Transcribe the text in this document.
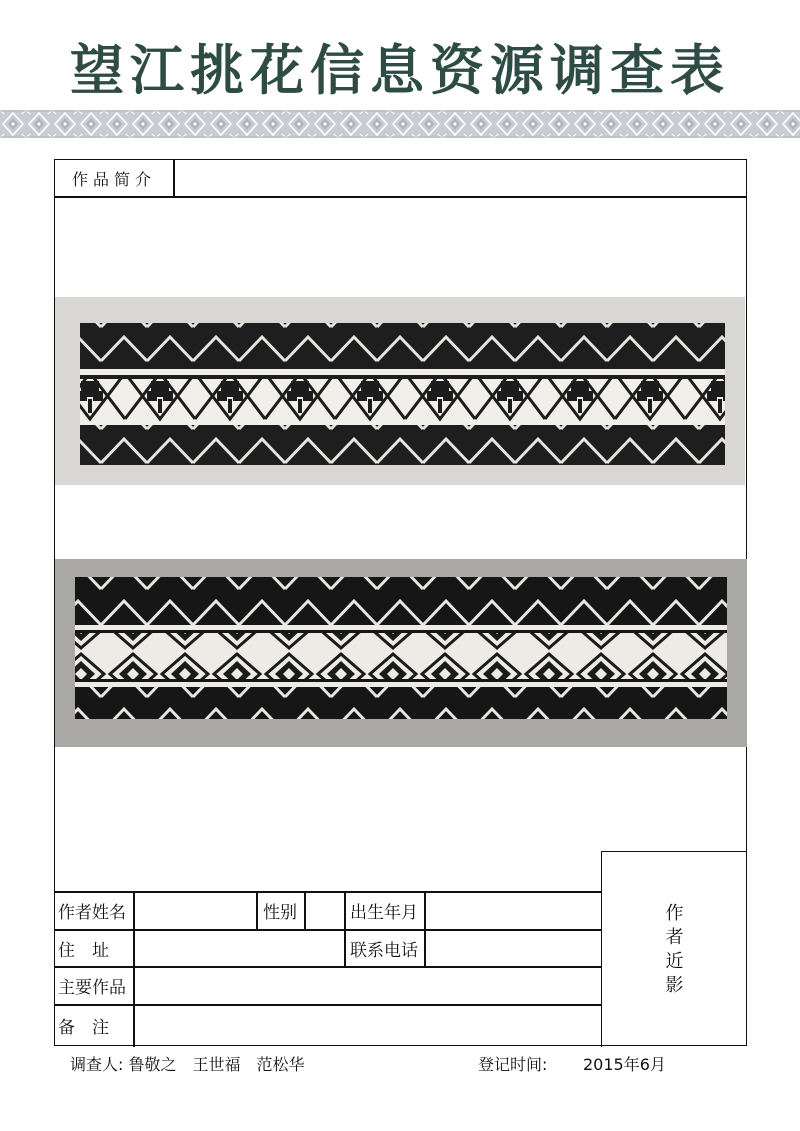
望江挑花信息资源调查表
作品简介
作
者
近
影
作者姓名	性别	出生年月
住　址	联系电话
主要作品
备　注
调查人: 鲁敬之　王世福　范松华	登记时间: 2015年6月
